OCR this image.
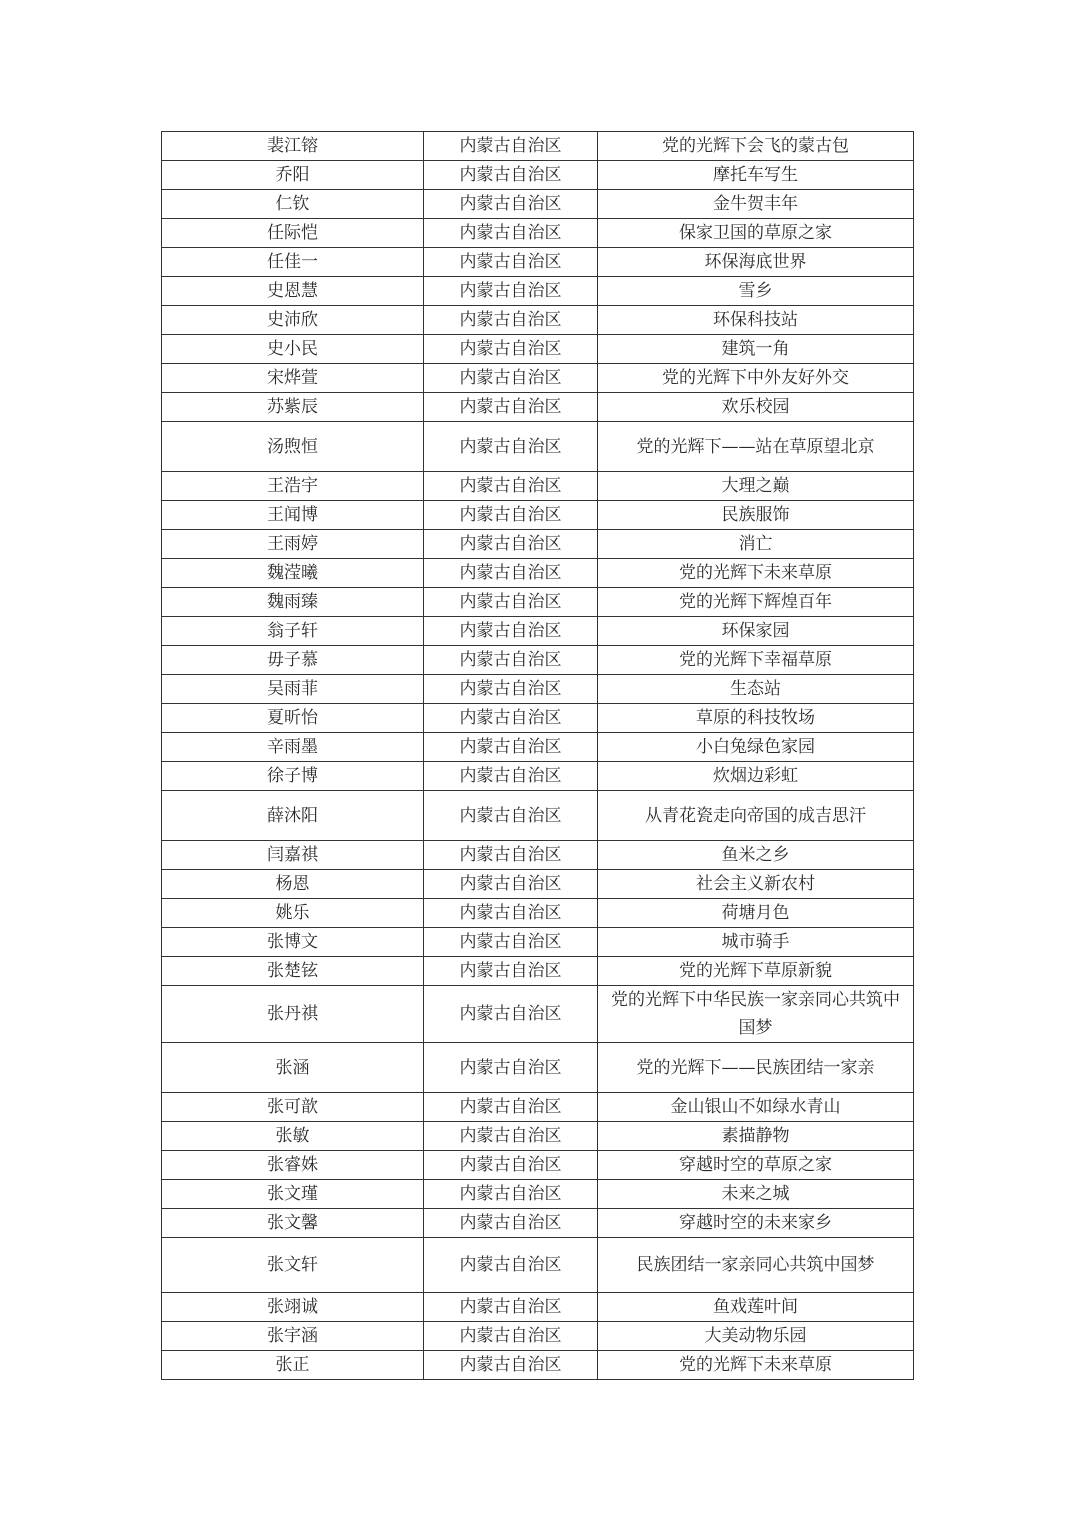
裴江镕	内蒙古自治区	党的光辉下会飞的蒙古包
乔阳	内蒙古自治区	摩托车写生
仁钦	内蒙古自治区	金牛贺丰年
任际恺	内蒙古自治区	保家卫国的草原之家
任佳一	内蒙古自治区	环保海底世界
史恩慧	内蒙古自治区	雪乡
史沛欣	内蒙古自治区	环保科技站
史小民	内蒙古自治区	建筑一角
宋烨萱	内蒙古自治区	党的光辉下中外友好外交
苏紫辰	内蒙古自治区	欢乐校园
汤煦恒	内蒙古自治区	党的光辉下——站在草原望北京
王浩宇	内蒙古自治区	大理之巅
王闻博	内蒙古自治区	民族服饰
王雨婷	内蒙古自治区	消亡
魏滢曦	内蒙古自治区	党的光辉下未来草原
魏雨臻	内蒙古自治区	党的光辉下辉煌百年
翁子轩	内蒙古自治区	环保家园
毋子慕	内蒙古自治区	党的光辉下幸福草原
吴雨菲	内蒙古自治区	生态站
夏昕怡	内蒙古自治区	草原的科技牧场
辛雨墨	内蒙古自治区	小白兔绿色家园
徐子博	内蒙古自治区	炊烟边彩虹
薛沐阳	内蒙古自治区	从青花瓷走向帝国的成吉思汗
闫嘉祺	内蒙古自治区	鱼米之乡
杨恩	内蒙古自治区	社会主义新农村
姚乐	内蒙古自治区	荷塘月色
张博文	内蒙古自治区	城市骑手
张楚铉	内蒙古自治区	党的光辉下草原新貌
张丹祺	内蒙古自治区	党的光辉下中华民族一家亲同心共筑中国梦
张涵	内蒙古自治区	党的光辉下——民族团结一家亲
张可歆	内蒙古自治区	金山银山不如绿水青山
张敏	内蒙古自治区	素描静物
张睿姝	内蒙古自治区	穿越时空的草原之家
张文瑾	内蒙古自治区	未来之城
张文馨	内蒙古自治区	穿越时空的未来家乡
张文轩	内蒙古自治区	民族团结一家亲同心共筑中国梦
张翊诚	内蒙古自治区	鱼戏莲叶间
张宇涵	内蒙古自治区	大美动物乐园
张正	内蒙古自治区	党的光辉下未来草原
